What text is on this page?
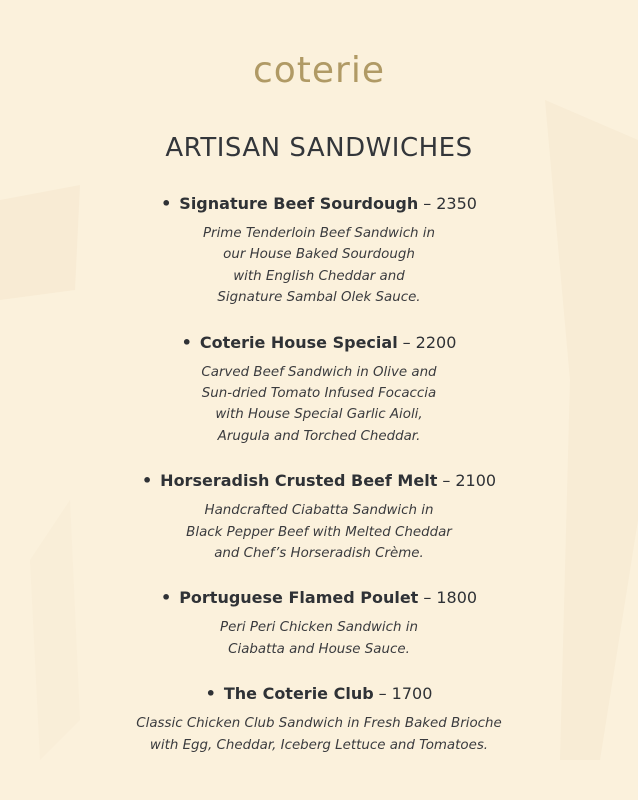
coterie
ARTISAN SANDWICHES
• Signature Beef Sourdough – 2350
Prime Tenderloin Beef Sandwich in
our House Baked Sourdough
with English Cheddar and
Signature Sambal Olek Sauce.
• Coterie House Special – 2200
Carved Beef Sandwich in Olive and
Sun-dried Tomato Infused Focaccia
with House Special Garlic Aioli,
Arugula and Torched Cheddar.
• Horseradish Crusted Beef Melt – 2100
Handcrafted Ciabatta Sandwich in
Black Pepper Beef with Melted Cheddar
and Chef’s Horseradish Crème.
• Portuguese Flamed Poulet – 1800
Peri Peri Chicken Sandwich in
Ciabatta and House Sauce.
• The Coterie Club – 1700
Classic Chicken Club Sandwich in Fresh Baked Brioche
with Egg, Cheddar, Iceberg Lettuce and Tomatoes.
